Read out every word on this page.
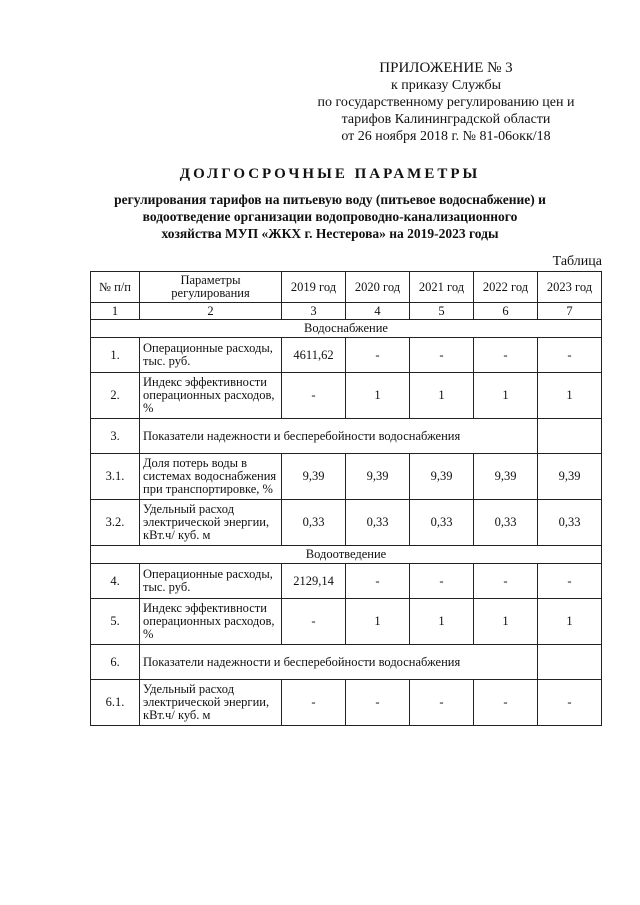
ПРИЛОЖЕНИЕ № 3
к приказу Службы
по государственному регулированию цен и
тарифов Калининградской области
от 26 ноября 2018 г. № 81-06окк/18
ДОЛГОСРОЧНЫЕ ПАРАМЕТРЫ
регулирования тарифов на питьевую воду (питьевое водоснабжение) и
водоотведение организации водопроводно-канализационного
хозяйства МУП «ЖКХ г. Нестерова» на 2019-2023 годы
Таблица
№ п/п	Параметры регулирования	2019 год	2020 год	2021 год	2022 год	2023 год
1	2	3	4	5	6	7
Водоснабжение						
1.	Операционные расходы, тыс. руб.	4611,62	-	-	-	-
2.	Индекс эффективности операционных расходов, %	-	1	1	1	1
3.	Показатели надежности и бесперебойности водоснабжения					
3.1.	Доля потерь воды в системах водоснабжения при транспортировке, %	9,39	9,39	9,39	9,39	9,39
3.2.	Удельный расход электрической энергии, кВт.ч/ куб. м	0,33	0,33	0,33	0,33	0,33
Водоотведение						
4.	Операционные расходы, тыс. руб.	2129,14	-	-	-	-
5.	Индекс эффективности операционных расходов, %	-	1	1	1	1
6.	Показатели надежности и бесперебойности водоснабжения					
6.1.	Удельный расход электрической энергии, кВт.ч/ куб. м	-	-	-	-	-
